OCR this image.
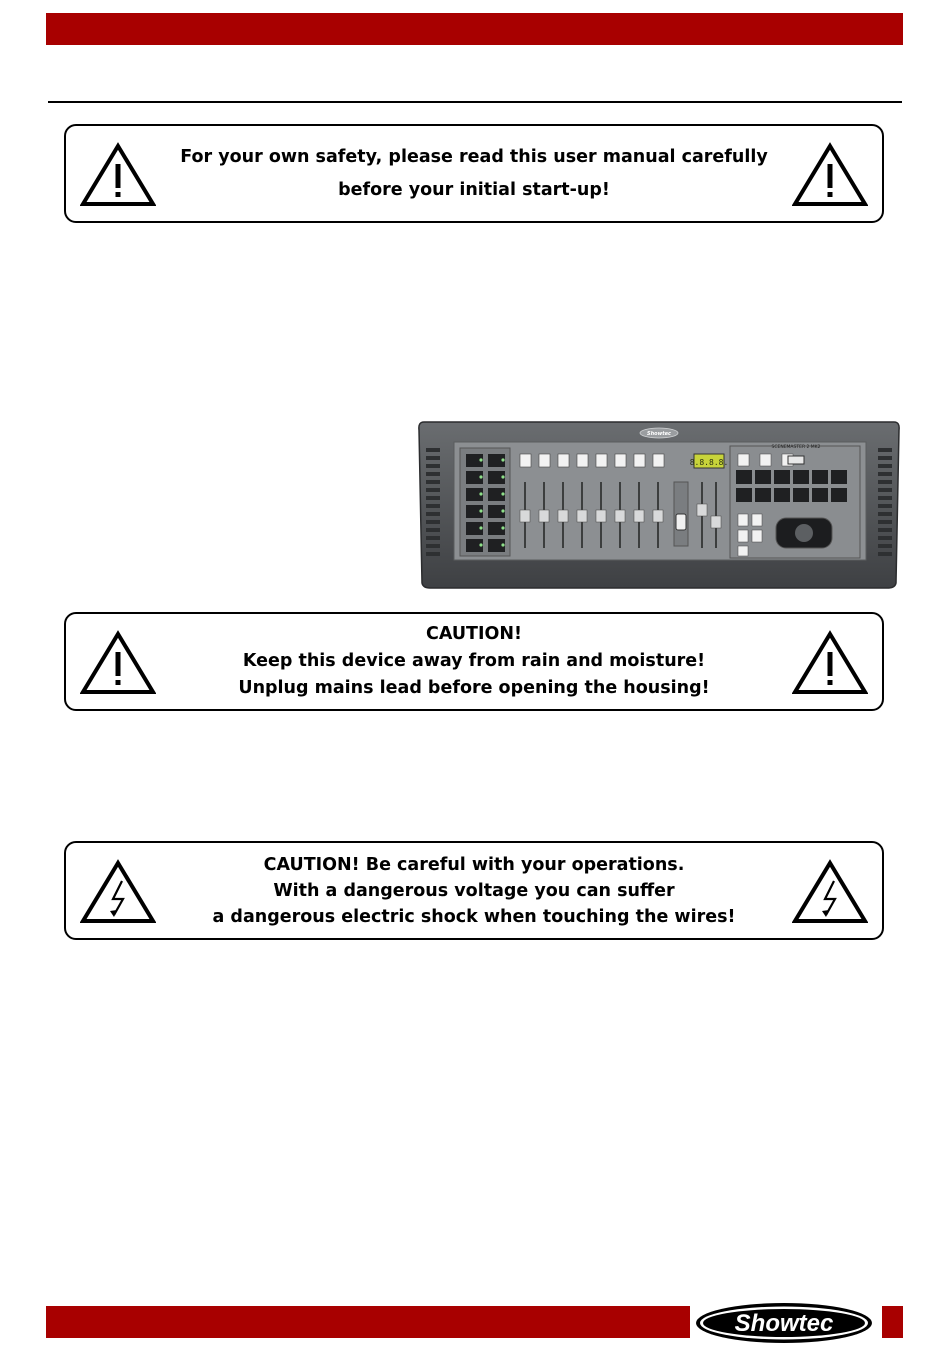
For your own safety, please read this user manual carefully
before your initial start-up!
Showtec
8.8.8.8.
SCENEMASTER 2 MK2
CAUTION!
Keep this device away from rain and moisture!
Unplug mains lead before opening the housing!
CAUTION! Be careful with your operations.
With a dangerous voltage you can suffer
a dangerous electric shock when touching the wires!
Showtec
